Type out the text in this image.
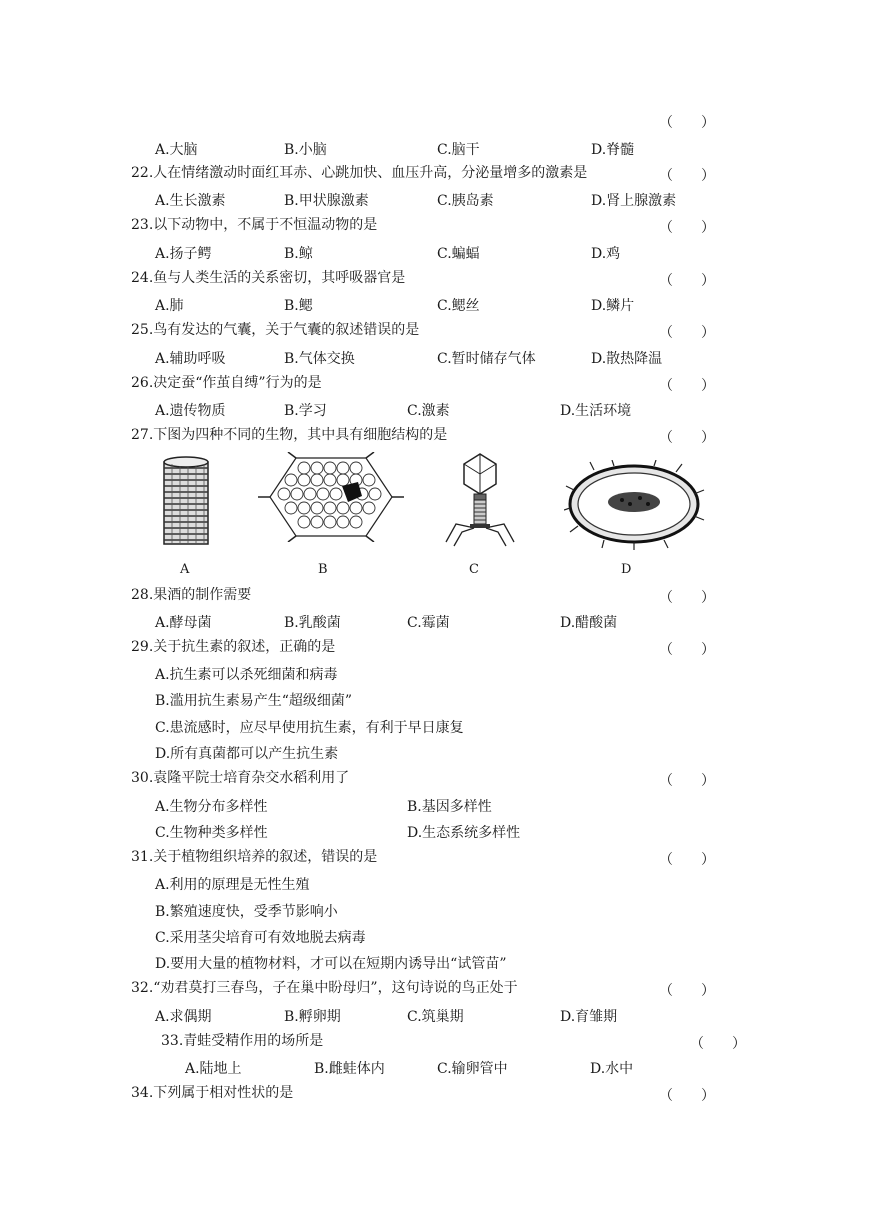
（　　）
A.大脑	B.小脑	C.脑干	D.脊髓
22.人在情绪激动时面红耳赤、心跳加快、血压升高，分泌量增多的激素是	（　　）
A.生长激素	B.甲状腺激素	C.胰岛素	D.肾上腺激素
23.以下动物中，不属于不恒温动物的是	（　　）
A.扬子鳄	B.鲸	C.蝙蝠	D.鸡
24.鱼与人类生活的关系密切，其呼吸器官是	（　　）
A.肺	B.鳃	C.鳃丝	D.鳞片
25.鸟有发达的气囊，关于气囊的叙述错误的是	（　　）
A.辅助呼吸	B.气体交换	C.暂时储存气体	D.散热降温
26.决定蚕“作茧自缚”行为的是	（　　）
A.遗传物质	B.学习	C.激素	D.生活环境
27.下图为四种不同的生物，其中具有细胞结构的是	（　　）
A	B	C	D
28.果酒的制作需要	（　　）
A.酵母菌	B.乳酸菌	C.霉菌	D.醋酸菌
29.关于抗生素的叙述，正确的是	（　　）
A.抗生素可以杀死细菌和病毒
B.滥用抗生素易产生“超级细菌”
C.患流感时，应尽早使用抗生素，有利于早日康复
D.所有真菌都可以产生抗生素
30.袁隆平院士培育杂交水稻利用了	（　　）
A.生物分布多样性	B.基因多样性
C.生物种类多样性	D.生态系统多样性
31.关于植物组织培养的叙述，错误的是	（　　）
A.利用的原理是无性生殖
B.繁殖速度快，受季节影响小
C.采用茎尖培育可有效地脱去病毒
D.要用大量的植物材料，才可以在短期内诱导出“试管苗”
32.“劝君莫打三春鸟，子在巢中盼母归”，这句诗说的鸟正处于	（　　）
A.求偶期	B.孵卵期	C.筑巢期	D.育雏期
33.青蛙受精作用的场所是	（　　）
A.陆地上	B.雌蛙体内	C.输卵管中	D.水中
34.下列属于相对性状的是	（　　）
